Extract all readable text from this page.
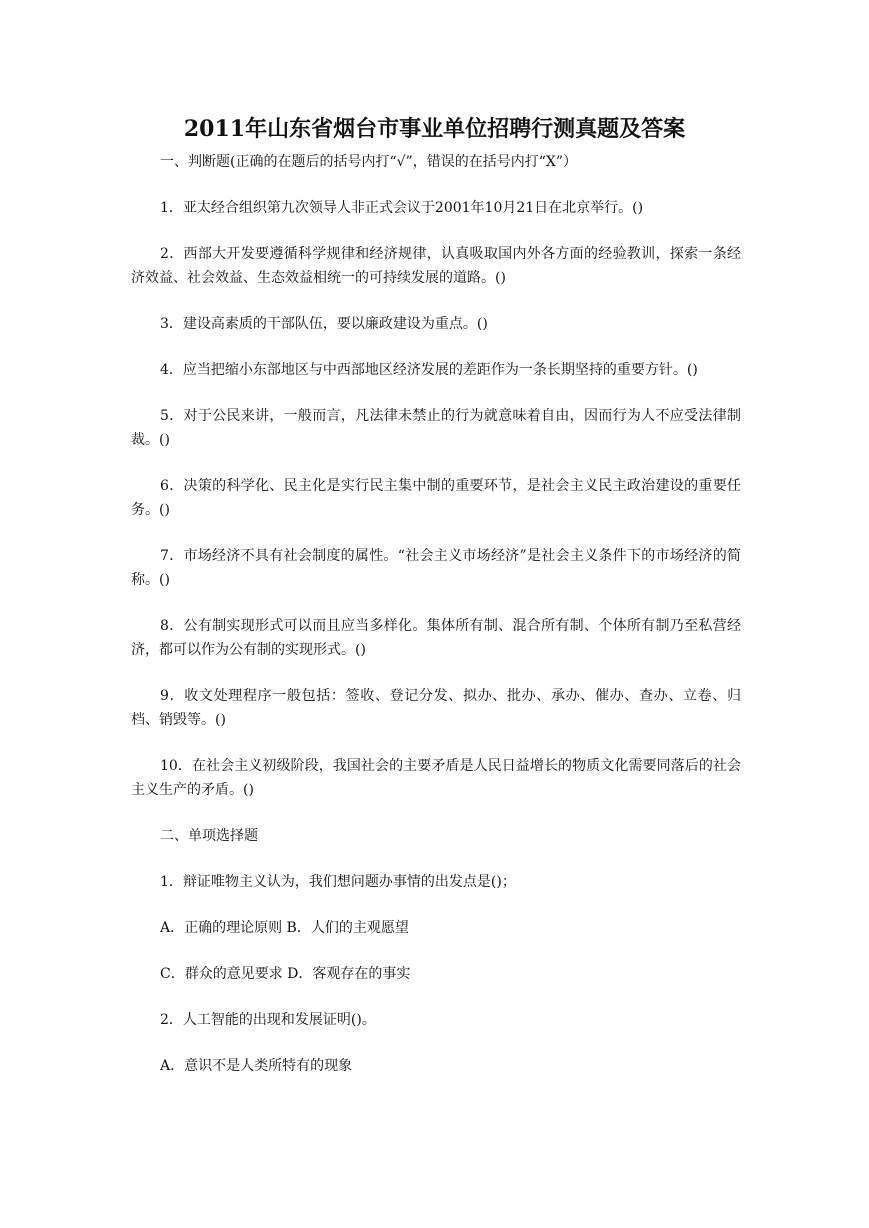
2011年山东省烟台市事业单位招聘行测真题及答案

一、判断题(正确的在题后的括号内打“√”，错误的在括号内打“X”）

1．亚太经合组织第九次领导人非正式会议于2001年10月21日在北京举行。()

2．西部大开发要遵循科学规律和经济规律，认真吸取国内外各方面的经验教训，探索一条经济效益、社会效益、生态效益相统一的可持续发展的道路。()

3．建设高素质的干部队伍，要以廉政建设为重点。()

4．应当把缩小东部地区与中西部地区经济发展的差距作为一条长期坚持的重要方针。()

5．对于公民来讲，一般而言，凡法律未禁止的行为就意味着自由，因而行为人不应受法律制裁。()

6．决策的科学化、民主化是实行民主集中制的重要环节，是社会主义民主政治建设的重要任务。()

7．市场经济不具有社会制度的属性。“社会主义市场经济”是社会主义条件下的市场经济的简称。()

8．公有制实现形式可以而且应当多样化。集体所有制、混合所有制、个体所有制乃至私营经济，都可以作为公有制的实现形式。()

9．收文处理程序一般包括：签收、登记分发、拟办、批办、承办、催办、查办、立卷、归档、销毁等。()

10．在社会主义初级阶段，我国社会的主要矛盾是人民日益增长的物质文化需要同落后的社会主义生产的矛盾。()

二、单项选择题

1．辩证唯物主义认为，我们想问题办事情的出发点是()；

A．正确的理论原则 B．人们的主观愿望

C．群众的意见要求 D．客观存在的事实

2．人工智能的出现和发展证明()。

A．意识不是人类所特有的现象
